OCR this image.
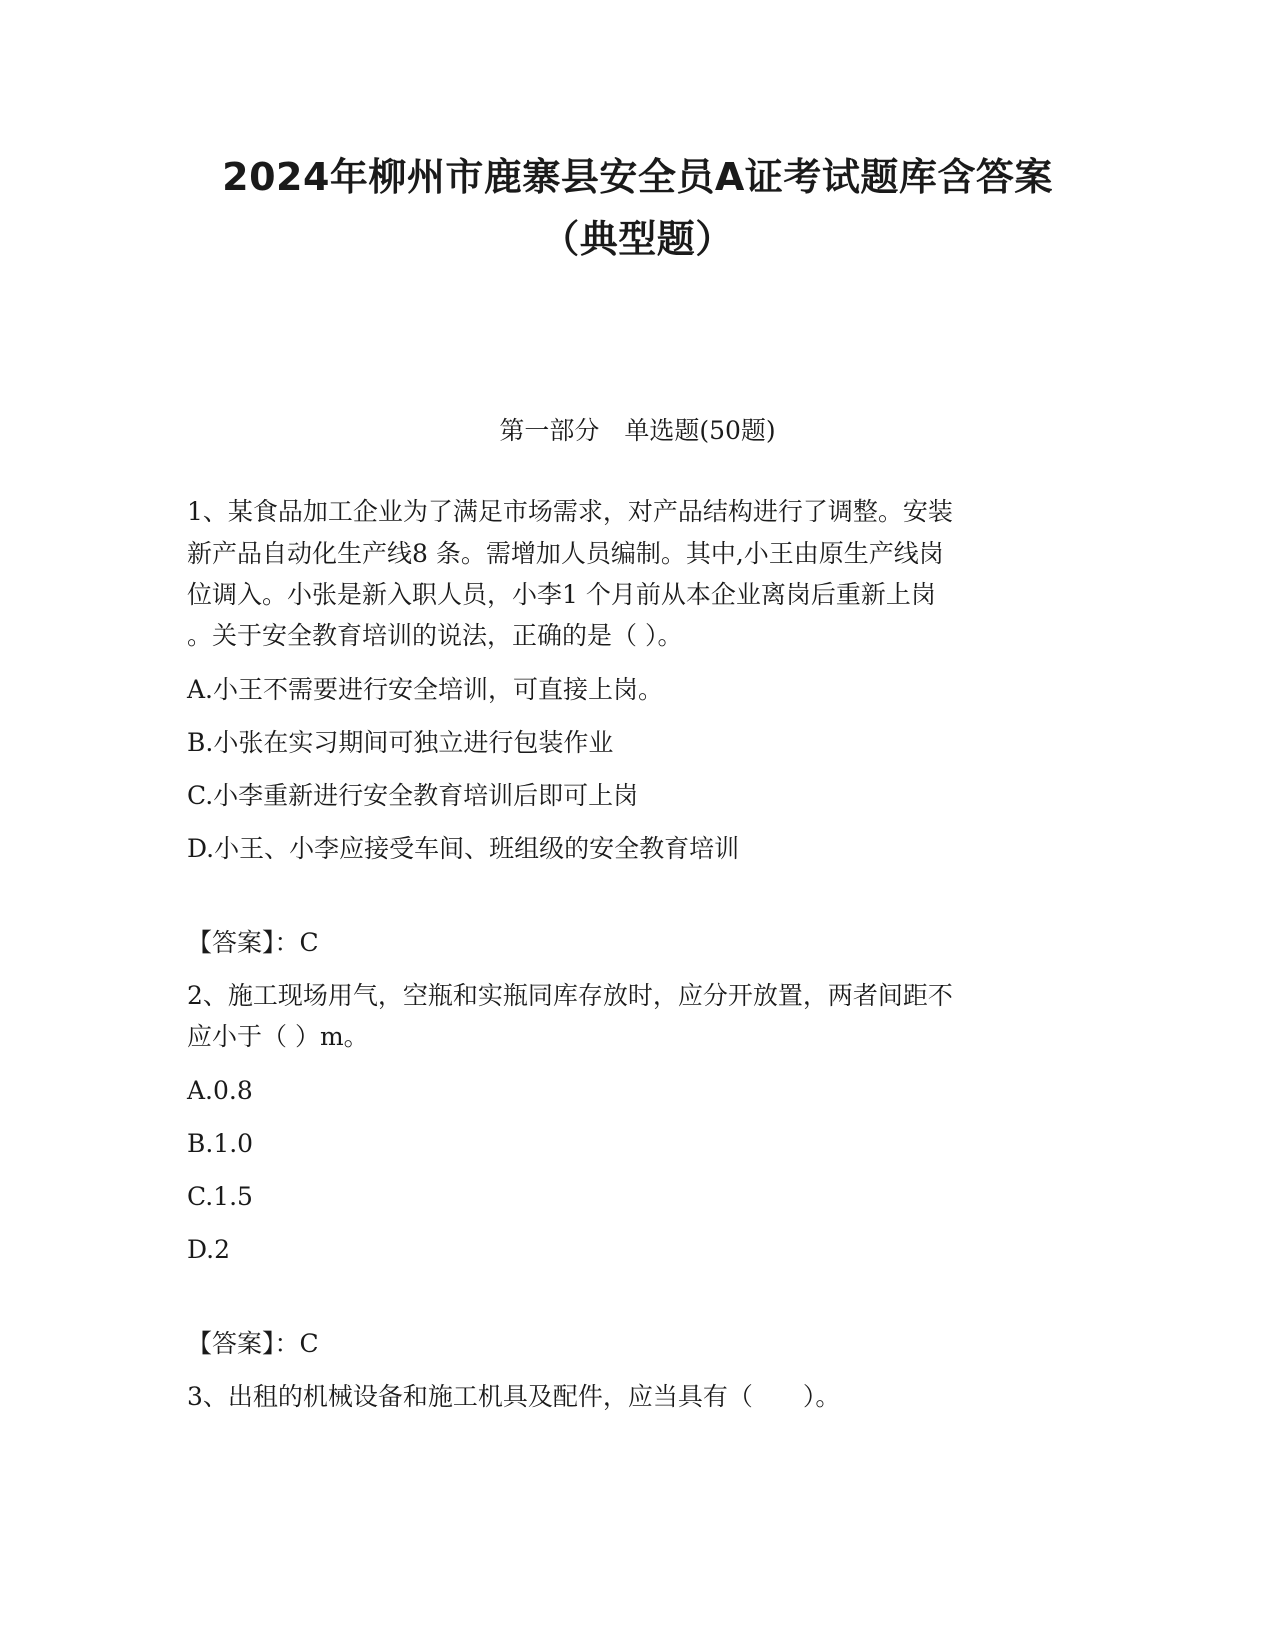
2024年柳州市鹿寨县安全员A证考试题库含答案
（典型题）
第一部分　单选题(50题)
1、某食品加工企业为了满足市场需求，对产品结构进行了调整。安装
新产品自动化生产线8 条。需增加人员编制。其中,小王由原生产线岗
位调入。小张是新入职人员，小李1 个月前从本企业离岗后重新上岗
。关于安全教育培训的说法，正确的是（ ）。
A.小王不需要进行安全培训，可直接上岗。
B.小张在实习期间可独立进行包装作业
C.小李重新进行安全教育培训后即可上岗
D.小王、小李应接受车间、班组级的安全教育培训
【答案】：C
2、施工现场用气，空瓶和实瓶同库存放时，应分开放置，两者间距不
应小于（ ）m。
A.0.8
B.1.0
C.1.5
D.2
【答案】：C
3、出租的机械设备和施工机具及配件，应当具有（　　）。
